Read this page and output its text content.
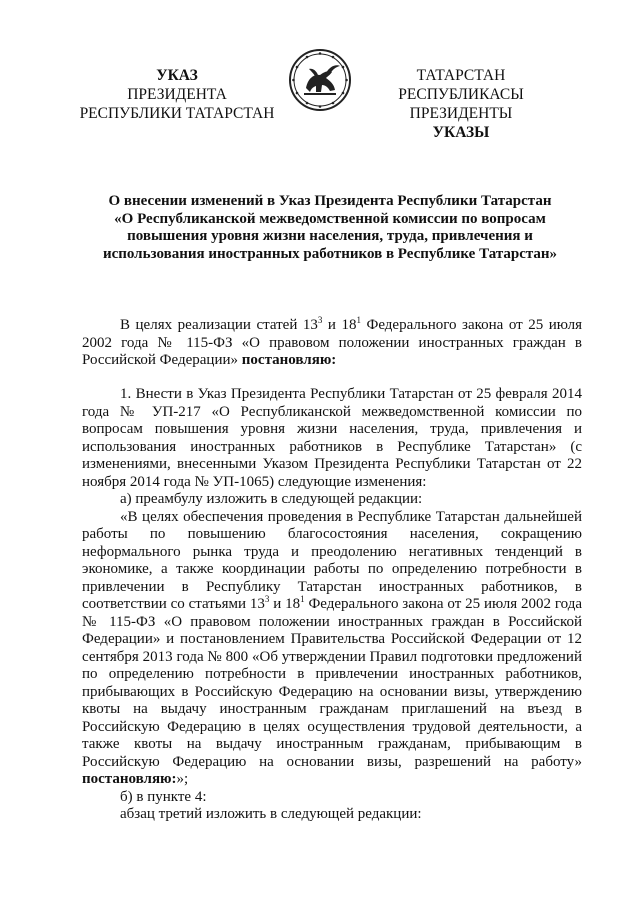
УКАЗ
ПРЕЗИДЕНТА
РЕСПУБЛИКИ ТАТАРСТАН
ТАТАРСТАН РЕСПУБЛИКАСЫ
ПРЕЗИДЕНТЫ
УКАЗЫ
О внесении изменений в Указ Президента Республики Татарстан
«О Республиканской межведомственной комиссии по вопросам
повышения уровня жизни населения, труда, привлечения и
использования иностранных работников в Республике Татарстан»

В целях реализации статей $13^3$ и $18^1$ Федерального закона от 25 июля 2002 года № 115-ФЗ «О правовом положении иностранных граждан в Российской Федерации» постановляю:

1. Внести в Указ Президента Республики Татарстан от 25 февраля 2014 года № УП-217 «О Республиканской межведомственной комиссии по вопросам повышения уровня жизни населения, труда, привлечения и использования иностранных работников в Республике Татарстан» (с изменениями, внесенными Указом Президента Республики Татарстан от 22 ноября 2014 года № УП-1065) следующие изменения:

а) преамбулу изложить в следующей редакции:

«В целях обеспечения проведения в Республике Татарстан дальнейшей работы по повышению благосостояния населения, сокращению неформального рынка труда и преодолению негативных тенденций в экономике, а также координации работы по определению потребности в привлечении в Республику Татарстан иностранных работников, в соответствии со статьями $13^3$ и $18^1$ Федерального закона от 25 июля 2002 года № 115-ФЗ «О правовом положении иностранных граждан в Российской Федерации» и постановлением Правительства Российской Федерации от 12 сентября 2013 года № 800 «Об утверждении Правил подготовки предложений по определению потребности в привлечении иностранных работников, прибывающих в Российскую Федерацию на основании визы, утверждению квоты на выдачу иностранным гражданам приглашений на въезд в Российскую Федерацию в целях осуществления трудовой деятельности, а также квоты на выдачу иностранным гражданам, прибывающим в Российскую Федерацию на основании визы, разрешений на работу» постановляю:»;

б) в пункте 4:

абзац третий изложить в следующей редакции:
